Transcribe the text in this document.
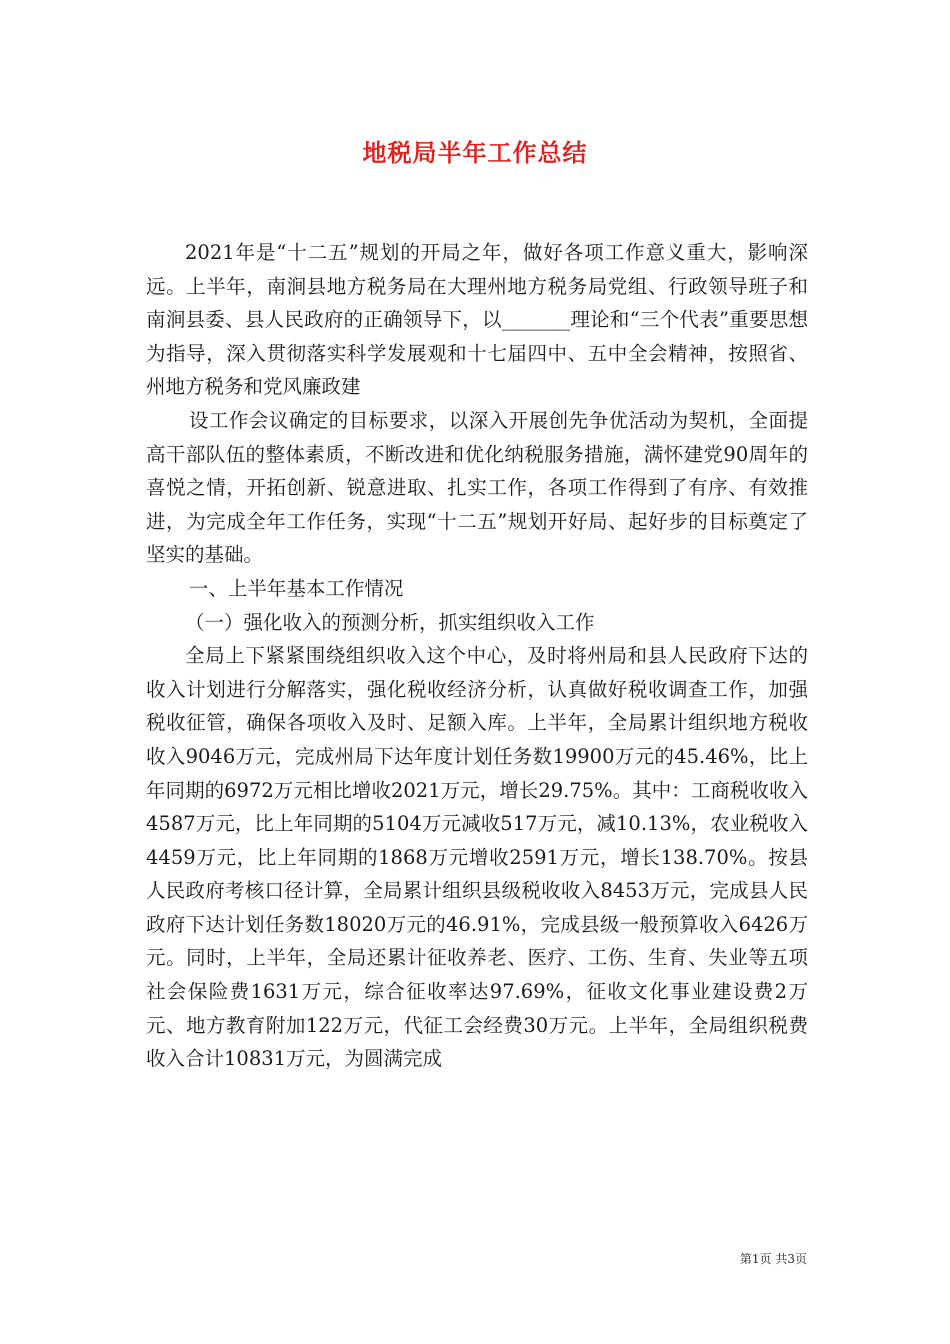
地税局半年工作总结

2021年是“十二五”规划的开局之年，做好各项工作意义重大，影响深远。上半年，南涧县地方税务局在大理州地方税务局党组、行政领导班子和南涧县委、县人民政府的正确领导下，以_______理论和“三个代表”重要思想为指导，深入贯彻落实科学发展观和十七届四中、五中全会精神，按照省、州地方税务和党风廉政建

设工作会议确定的目标要求，以深入开展创先争优活动为契机，全面提高干部队伍的整体素质，不断改进和优化纳税服务措施，满怀建党90周年的喜悦之情，开拓创新、锐意进取、扎实工作，各项工作得到了有序、有效推进，为完成全年工作任务，实现“十二五”规划开好局、起好步的目标奠定了坚实的基础。

一、上半年基本工作情况

（一）强化收入的预测分析，抓实组织收入工作

全局上下紧紧围绕组织收入这个中心，及时将州局和县人民政府下达的收入计划进行分解落实，强化税收经济分析，认真做好税收调查工作，加强税收征管，确保各项收入及时、足额入库。上半年，全局累计组织地方税收收入9046万元，完成州局下达年度计划任务数19900万元的45.46%，比上年同期的6972万元相比增收2021万元，增长29.75%。其中：工商税收收入4587万元，比上年同期的5104万元减收517万元，减10.13%，农业税收入4459万元，比上年同期的1868万元增收2591万元，增长138.70%。按县人民政府考核口径计算，全局累计组织县级税收收入8453万元，完成县人民政府下达计划任务数18020万元的46.91%，完成县级一般预算收入6426万元。同时，上半年，全局还累计征收养老、医疗、工伤、生育、失业等五项社会保险费1631万元，综合征收率达97.69%，征收文化事业建设费2万元、地方教育附加122万元，代征工会经费30万元。上半年，全局组织税费收入合计10831万元，为圆满完成

第1页 共3页
